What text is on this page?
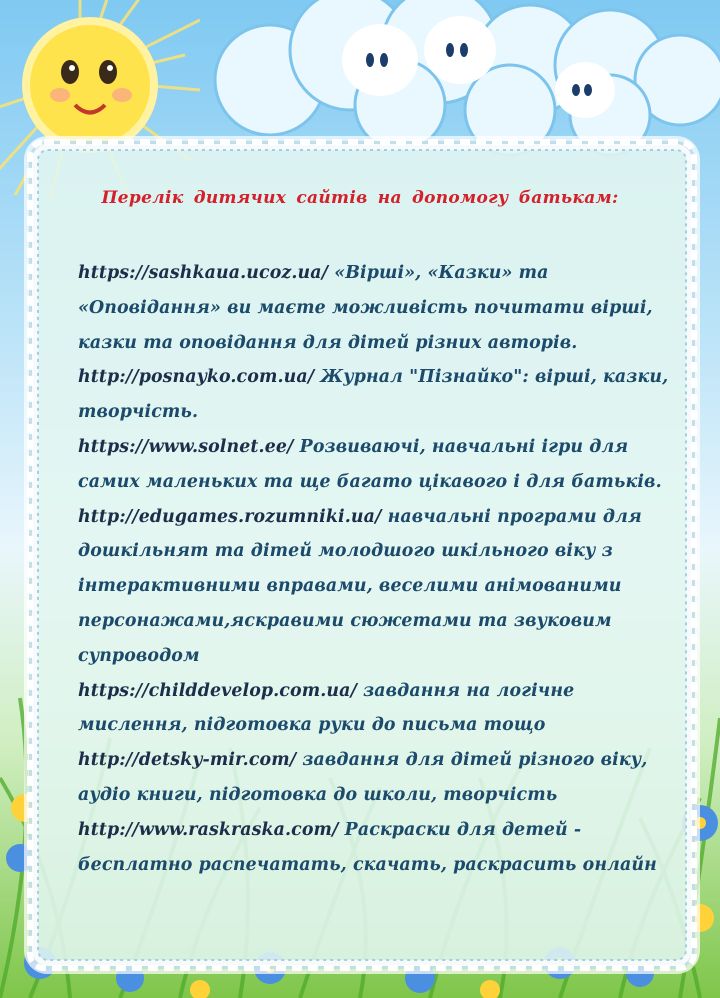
Перелік дитячих сайтів на допомогу батькам:

https://sashkaua.ucoz.ua/ «Вірші», «Казки» та «Оповідання» ви маєте можливість почитати вірші, казки та оповідання для дітей різних авторів.

http://posnayko.com.ua/ Журнал "Пізнайко": вірші, казки, творчість.

https://www.solnet.ee/ Розвиваючі, навчальні ігри для самих маленьких та ще багато цікавого і для батьків.

http://edugames.rozumniki.ua/ навчальні програми для дошкільнят та дітей молодшого шкільного віку з інтерактивними вправами, веселими анімованими персонажами,яскравими сюжетами та звуковим супроводом

https://childdevelop.com.ua/ завдання на логічне мислення, підготовка руки до письма тощо

http://detsky-mir.com/ завдання для дітей різного віку, аудіо книги, підготовка до школи, творчість

http://www.raskraska.com/ Раскраски для детей - бесплатно распечатать, скачать, раскрасить онлайн
